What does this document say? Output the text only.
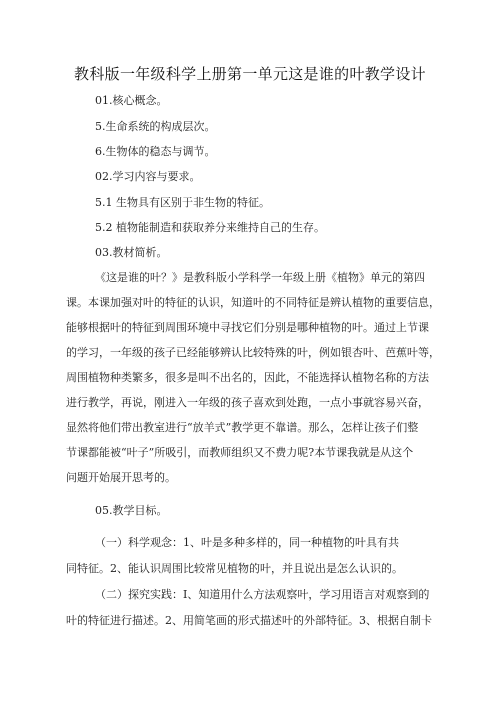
教科版一年级科学上册第一单元这是谁的叶教学设计
01.核心概念。
5.生命系统的构成层次。
6.生物体的稳态与调节。
02.学习内容与要求。
5.1 生物具有区别于非生物的特征。
5.2 植物能制造和获取养分来维持自己的生存。
03.教材简析。
《这是谁的叶？》是教科版小学科学一年级上册《植物》单元的第四
课。本课加强对叶的特征的认识，知道叶的不同特征是辨认植物的重要信息，
能够根据叶的特征到周围环境中寻找它们分别是哪种植物的叶。通过上节课
的学习，一年级的孩子已经能够辨认比较特殊的叶，例如银杏叶、芭蕉叶等，
周围植物种类繁多，很多是叫不出名的，因此，不能选择认植物名称的方法
进行教学，再说，刚进入一年级的孩子喜欢到处跑，一点小事就容易兴奋，
显然将他们带出教室进行“放羊式”教学更不靠谱。那么，怎样让孩子们整
节课都能被“叶子”所吸引，而教师组织又不费力呢?本节课我就是从这个
问题开始展开思考的。
05.教学目标。
（一）科学观念：1、叶是多种多样的，同一种植物的叶具有共
同特征。2、能认识周围比较常见植物的叶，并且说出是怎么认识的。
（二）探究实践：I、知道用什么方法观察叶，学习用语言对观察到的
叶的特征进行描述。2、用简笔画的形式描述叶的外部特征。3、根据自制卡
